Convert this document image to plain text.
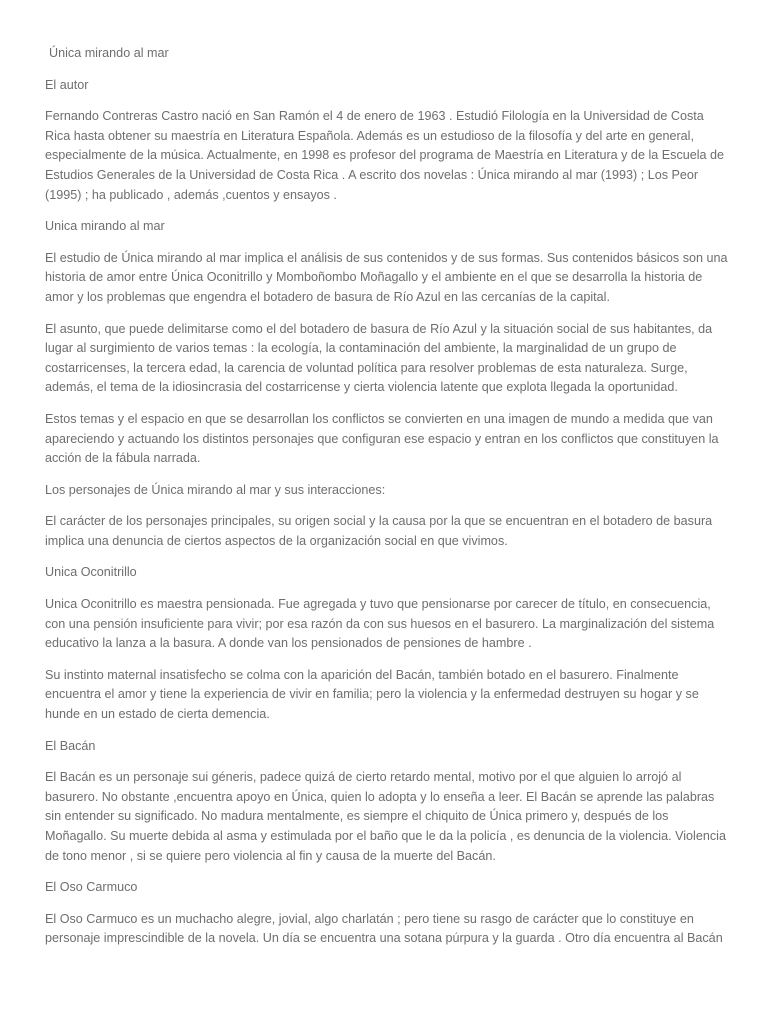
Única mirando al mar

El autor

Fernando Contreras Castro nació en San Ramón el 4 de enero de 1963 . Estudió Filología en la Universidad de Costa Rica hasta obtener su maestría en Literatura Española. Además es un estudioso de la filosofía y del arte en general, especialmente de la música. Actualmente, en 1998 es profesor del programa de Maestría en Literatura y de la Escuela de Estudios Generales de la Universidad de Costa Rica . A escrito dos novelas : Única mirando al mar (1993) ; Los Peor (1995) ; ha publicado , además ,cuentos y ensayos .

Unica mirando al mar

El estudio de Única mirando al mar implica el análisis de sus contenidos y de sus formas. Sus contenidos básicos son una historia de amor entre Única Oconitrillo y Momboñombo Moñagallo y el ambiente en el que se desarrolla la historia de amor y los problemas que engendra el botadero de basura de Río Azul en las cercanías de la capital.

El asunto, que puede delimitarse como el del botadero de basura de Río Azul y la situación social de sus habitantes, da lugar al surgimiento de varios temas : la ecología, la contaminación del ambiente, la marginalidad de un grupo de costarricenses, la tercera edad, la carencia de voluntad política para resolver problemas de esta naturaleza. Surge, además, el tema de la idiosincrasia del costarricense y cierta violencia latente que explota llegada la oportunidad.

Estos temas y el espacio en que se desarrollan los conflictos se convierten en una imagen de mundo a medida que van apareciendo y actuando los distintos personajes que configuran ese espacio y entran en los conflictos que constituyen la acción de la fábula narrada.

Los personajes de Única mirando al mar y sus interacciones:

El carácter de los personajes principales, su origen social y la causa por la que se encuentran en el botadero de basura implica una denuncia de ciertos aspectos de la organización social en que vivimos.

Unica Oconitrillo

Unica Oconitrillo es maestra pensionada. Fue agregada y tuvo que pensionarse por carecer de título, en consecuencia, con una pensión insuficiente para vivir; por esa razón da con sus huesos en el basurero. La marginalización del sistema educativo la lanza a la basura. A donde van los pensionados de pensiones de hambre .

Su instinto maternal insatisfecho se colma con la aparición del Bacán, también botado en el basurero. Finalmente encuentra el amor y tiene la experiencia de vivir en familia; pero la violencia y la enfermedad destruyen su hogar y se hunde en un estado de cierta demencia.

El Bacán

El Bacán es un personaje sui géneris, padece quizá de cierto retardo mental, motivo por el que alguien lo arrojó al basurero. No obstante ,encuentra apoyo en Única, quien lo adopta y lo enseña a leer. El Bacán se aprende las palabras sin entender su significado. No madura mentalmente, es siempre el chiquito de Única primero y, después de los Moñagallo. Su muerte debida al asma y estimulada por el baño que le da la policía , es denuncia de la violencia. Violencia de tono menor , si se quiere pero violencia al fin y causa de la muerte del Bacán.

El Oso Carmuco

El Oso Carmuco es un muchacho alegre, jovial, algo charlatán ; pero tiene su rasgo de carácter que lo constituye en personaje imprescindible de la novela. Un día se encuentra una sotana púrpura y la guarda . Otro día encuentra al Bacán
